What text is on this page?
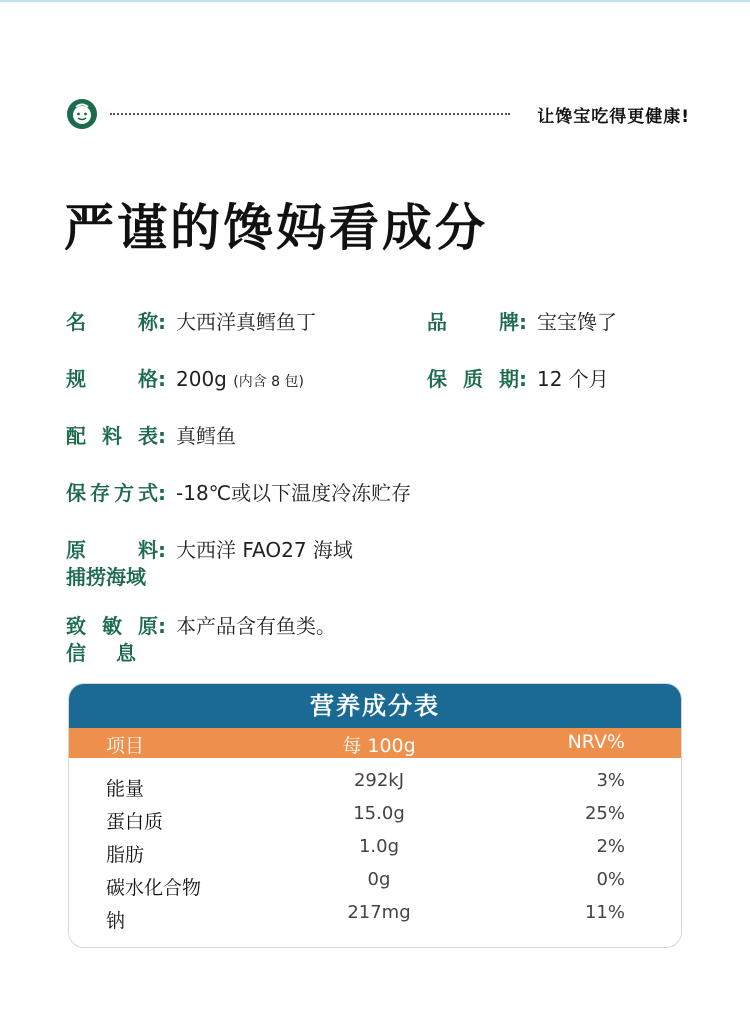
让馋宝吃得更健康!
严谨的馋妈看成分
名称: 大西洋真鳕鱼丁	品牌: 宝宝馋了
规格: 200g (内含 8 包)	保质期: 12 个月
配料表: 真鳕鱼
保存方式: -18℃或以下温度冷冻贮存
原料: 大西洋 FAO27 海域
捕捞海域
致敏原: 本产品含有鱼类。
信息
营养成分表
项目	每 100g	NRV%
能量	292kJ	3%
蛋白质	15.0g	25%
脂肪	1.0g	2%
碳水化合物	0g	0%
钠	217mg	11%
